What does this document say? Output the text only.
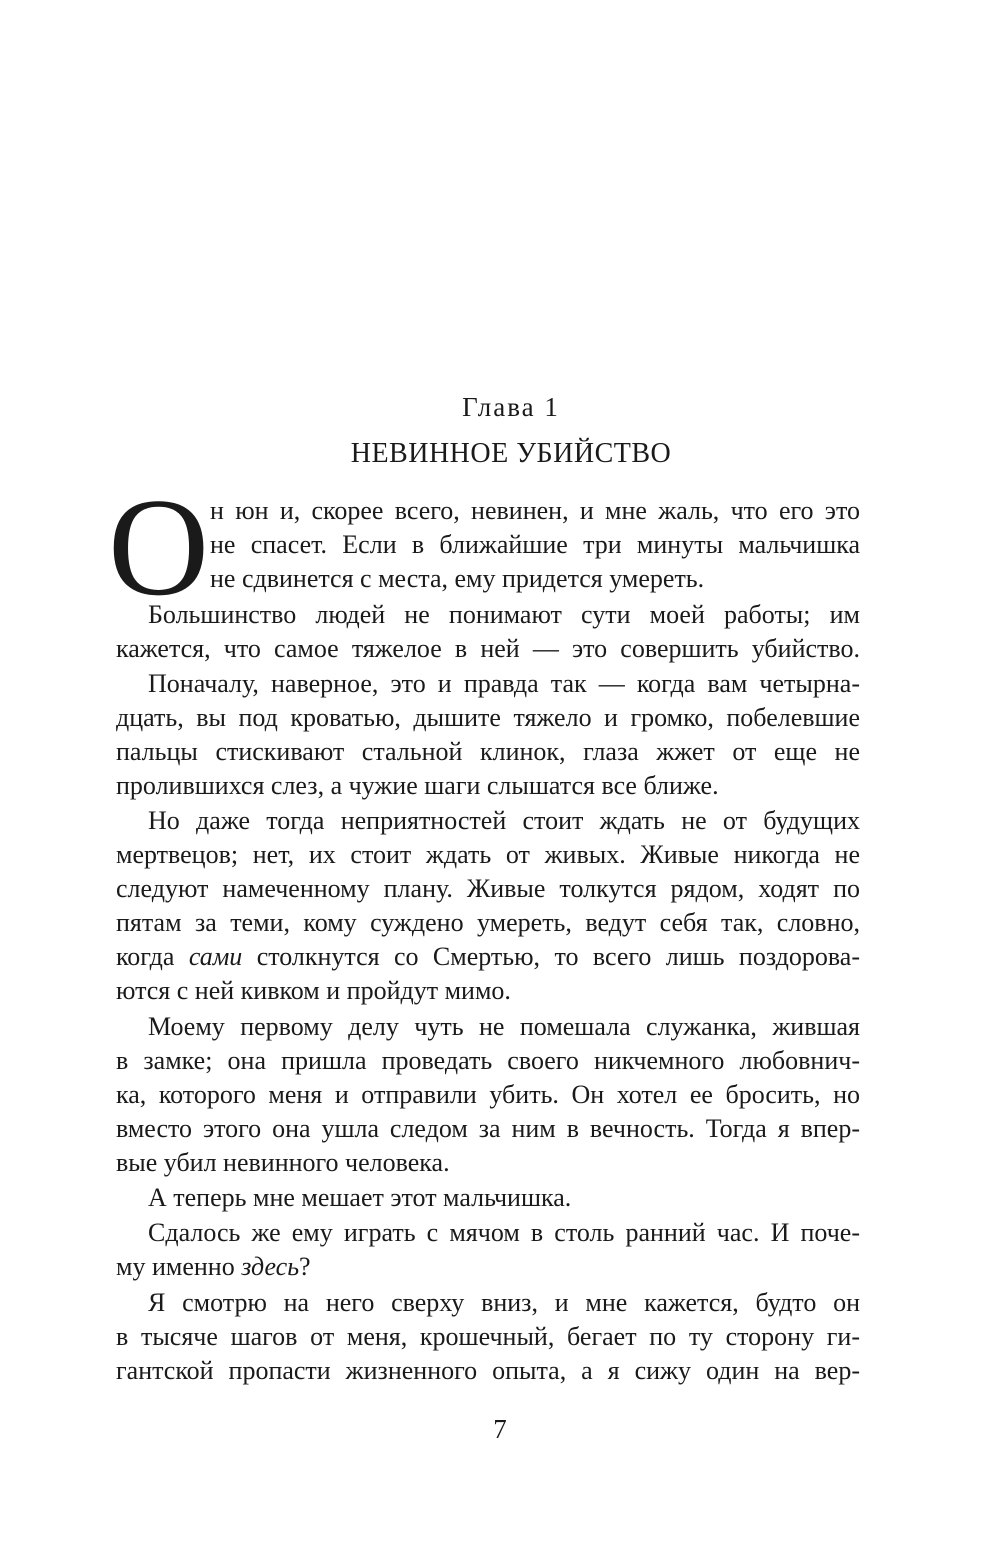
Глава 1
НЕВИННОЕ УБИЙСТВО
О н юн и, скорее всего, невинен, и мне жаль, что его это
не спасет. Если в ближайшие три минуты мальчишка
не сдвинется с места, ему придется умереть.
Большинство людей не понимают сути моей работы; им
кажется, что самое тяжелое в ней — это совершить убийство.
Поначалу, наверное, это и правда так — когда вам четырна-
дцать, вы под кроватью, дышите тяжело и громко, побелевшие
пальцы стискивают стальной клинок, глаза жжет от еще не
пролившихся слез, а чужие шаги слышатся все ближе.
Но даже тогда неприятностей стоит ждать не от будущих
мертвецов; нет, их стоит ждать от живых. Живые никогда не
следуют намеченному плану. Живые толкутся рядом, ходят по
пятам за теми, кому суждено умереть, ведут себя так, словно,
когда сами столкнутся со Смертью, то всего лишь поздорова-
ются с ней кивком и пройдут мимо.
Моему первому делу чуть не помешала служанка, жившая
в замке; она пришла проведать своего никчемного любовнич-
ка, которого меня и отправили убить. Он хотел ее бросить, но
вместо этого она ушла следом за ним в вечность. Тогда я впер-
вые убил невинного человека.
А теперь мне мешает этот мальчишка.
Сдалось же ему играть с мячом в столь ранний час. И поче-
му именно здесь?
Я смотрю на него сверху вниз, и мне кажется, будто он
в тысяче шагов от меня, крошечный, бегает по ту сторону ги-
гантской пропасти жизненного опыта, а я сижу один на вер-
7
